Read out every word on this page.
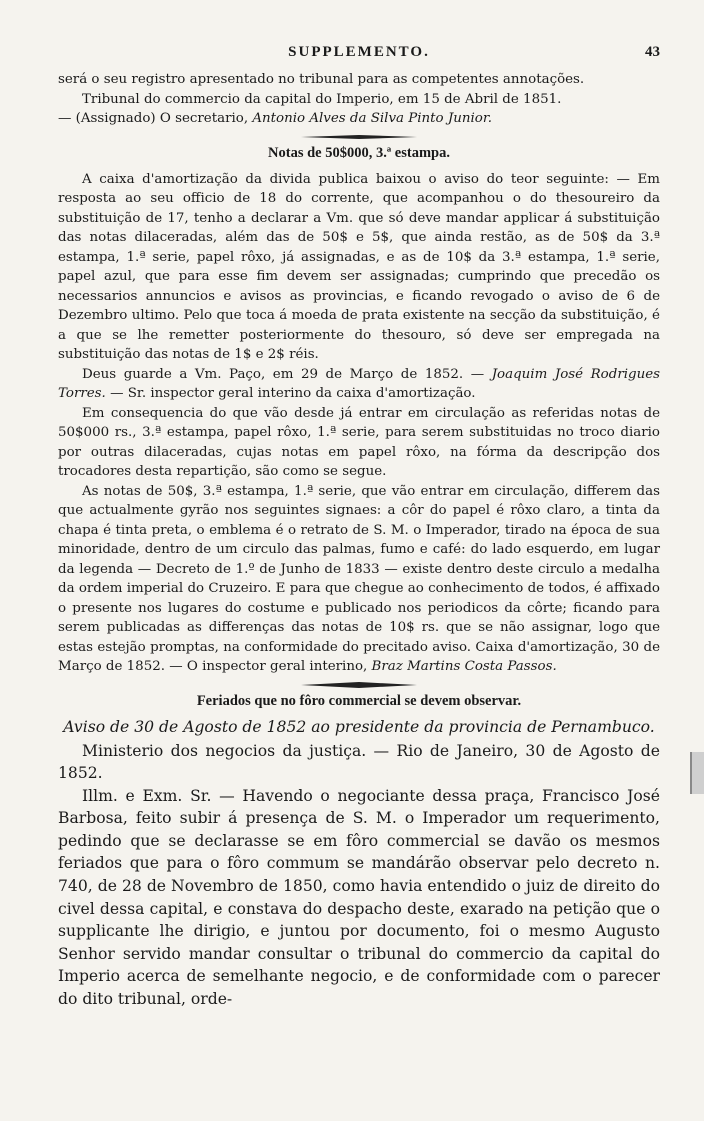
SUPPLEMENTO.	43

será o seu registro apresentado no tribunal para as competentes annotações.

Tribunal do commercio da capital do Imperio, em 15 de Abril de 1851.

— (Assignado) O secretario, Antonio Alves da Silva Pinto Junior.

Notas de 50$000, 3.ª estampa.

A caixa d'amortização da divida publica baixou o aviso do teor seguinte: — Em resposta ao seu officio de 18 do corrente, que acompanhou o do thesoureiro da substituição de 17, tenho a declarar a Vm. que só deve mandar applicar á substituição das notas dilaceradas, além das de 50$ e 5$, que ainda restão, as de 50$ da 3.ª estampa, 1.ª serie, papel rôxo, já assignadas, e as de 10$ da 3.ª estampa, 1.ª serie, papel azul, que para esse fim devem ser assignadas; cumprindo que precedão os necessarios annuncios e avisos as provincias, e ficando revogado o aviso de 6 de Dezembro ultimo. Pelo que toca á moeda de prata existente na secção da substituição, é a que se lhe remetter posteriormente do thesouro, só deve ser empregada na substituição das notas de 1$ e 2$ réis.

Deus guarde a Vm. Paço, em 29 de Março de 1852. — Joaquim José Rodrigues Torres. — Sr. inspector geral interino da caixa d'amortização.

Em consequencia do que vão desde já entrar em circulação as referidas notas de 50$000 rs., 3.ª estampa, papel rôxo, 1.ª serie, para serem substituidas no troco diario por outras dilaceradas, cujas notas em papel rôxo, na fórma da descripção dos trocadores desta repartição, são como se segue.

As notas de 50$, 3.ª estampa, 1.ª serie, que vão entrar em circulação, differem das que actualmente gyrão nos seguintes signaes: a côr do papel é rôxo claro, a tinta da chapa é tinta preta, o emblema é o retrato de S. M. o Imperador, tirado na época de sua minoridade, dentro de um circulo das palmas, fumo e café: do lado esquerdo, em lugar da legenda — Decreto de 1.º de Junho de 1833 — existe dentro deste circulo a medalha da ordem imperial do Cruzeiro. E para que chegue ao conhecimento de todos, é affixado o presente nos lugares do costume e publicado nos periodicos da côrte; ficando para serem publicadas as differenças das notas de 10$ rs. que se não assignar, logo que estas estejão promptas, na conformidade do precitado aviso. Caixa d'amortização, 30 de Março de 1852. — O inspector geral interino, Braz Martins Costa Passos.

Feriados que no fôro commercial se devem observar.
Aviso de 30 de Agosto de 1852 ao presidente da provincia de Pernambuco.

Ministerio dos negocios da justiça. — Rio de Janeiro, 30 de Agosto de 1852.

Illm. e Exm. Sr. — Havendo o negociante dessa praça, Francisco José Barbosa, feito subir á presença de S. M. o Imperador um requerimento, pedindo que se declarasse se em fôro commercial se davão os mesmos feriados que para o fôro commum se mandárão observar pelo decreto n. 740, de 28 de Novembro de 1850, como havia entendido o juiz de direito do civel dessa capital, e constava do despacho deste, exarado na petição que o supplicante lhe dirigio, e juntou por documento, foi o mesmo Augusto Senhor servido mandar consultar o tribunal do commercio da capital do Imperio acerca de semelhante negocio, e de conformidade com o parecer do dito tribunal, orde-
